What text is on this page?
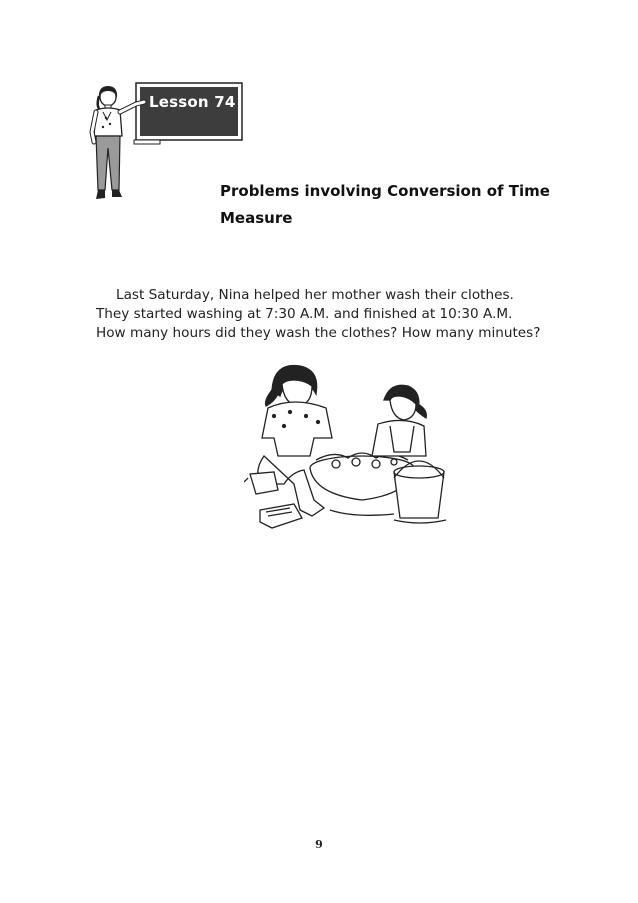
Lesson 74
Problems involving Conversion of Time Measure

Last Saturday, Nina helped her mother wash their clothes. They started washing at 7:30 A.M. and finished at 10:30 A.M. How many hours did they wash the clothes? How many minutes?

9
